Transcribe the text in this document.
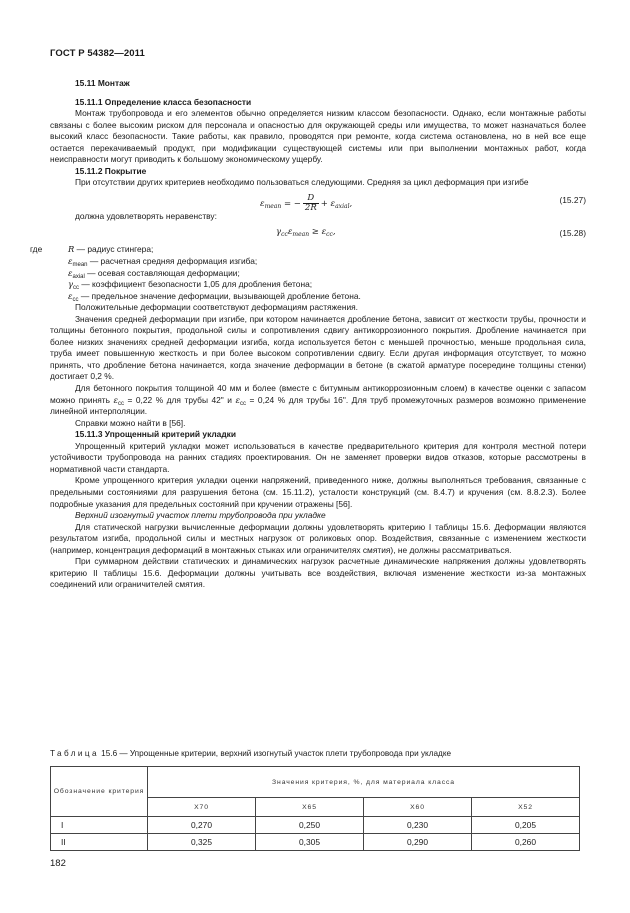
ГОСТ Р 54382—2011

15.11 Монтаж

15.11.1 Определение класса безопасности

Монтаж трубопровода и его элементов обычно определяется низким классом безопасности. Однако, если монтажные работы связаны с более высоким риском для персонала и опасностью для окружающей среды или имущества, то может назначаться более высокий класс безопасности. Такие работы, как правило, проводятся при ремонте, когда система остановлена, но в ней все еще остается перекачиваемый продукт, при модификации существующей системы или при выполнении монтажных работ, когда неисправности могут приводить к большому экономическому ущербу.

15.11.2 Покрытие

При отсутствии других критериев необходимо пользоваться следующими. Средняя за цикл деформация при изгибе

$\varepsilon_{mean}$ = − $\frac{D}{2R} + \varepsilon_{axial}$,	(15.27)

должна удовлетворять неравенству:

$\gamma_{cc}\varepsilon_{mean} \ge \varepsilon_{cc}$,	(15.28)
где	R — радиус стингера;

$\varepsilon_{mean}$ — расчетная средняя деформация изгиба;

$\varepsilon_{axial}$ — осевая составляющая деформации;

$\gamma_{cc}$ — коэффициент безопасности 1,05 для дробления бетона;

$\varepsilon_{cc}$ — предельное значение деформации, вызывающей дробление бетона.

Положительные деформации соответствуют деформациям растяжения.

Значения средней деформации при изгибе, при котором начинается дробление бетона, зависит от жесткости трубы, прочности и толщины бетонного покрытия, продольной силы и сопротивления сдвигу антикоррозионного покрытия. Дробление начинается при более низких значениях средней деформации изгиба, когда используется бетон с меньшей прочностью, меньше продольная сила, труба имеет повышенную жесткость и при более высоком сопротивлении сдвигу. Если другая информация отсутствует, то можно принять, что дробление бетона начинается, когда значение деформации в бетоне (в сжатой арматуре посередине толщины стенки) достигает 0,2 %.

Для бетонного покрытия толщиной 40 мм и более (вместе с битумным антикоррозионным слоем) в качестве оценки с запасом можно принять $\varepsilon_{cc} = 0,22$ % для трубы 42" и $\varepsilon_{cc} = 0,24$ % для трубы 16". Для труб промежуточных размеров возможно применение линейной интерполяции.

Справки можно найти в [56].

15.11.3 Упрощенный критерий укладки

Упрощенный критерий укладки может использоваться в качестве предварительного критерия для контроля местной потери устойчивости трубопровода на ранних стадиях проектирования. Он не заменяет проверки видов отказов, которые рассмотрены в нормативной части стандарта.

Кроме упрощенного критерия укладки оценки напряжений, приведенного ниже, должны выполняться требования, связанные с предельными состояниями для разрушения бетона (см. 15.11.2), усталости конструкций (см. 8.4.7) и кручения (см. 8.8.2.3). Более подробные указания для предельных состояний при кручении отражены [56].

Верхний изогнутый участок плети трубопровода при укладке

Для статической нагрузки вычисленные деформации должны удовлетворять критерию I таблицы 15.6. Деформации являются результатом изгиба, продольной силы и местных нагрузок от роликовых опор. Воздействия, связанные с изменением жесткости (например, концентрация деформаций в монтажных стыках или ограничителях смятия), не должны рассматриваться.

При суммарном действии статических и динамических нагрузок расчетные динамические напряжения должны удовлетворять критерию II таблицы 15.6. Деформации должны учитывать все воздействия, включая изменение жесткости из-за монтажных соединений или ограничителей смятия.

Таблица 15.6 — Упрощенные критерии, верхний изогнутый участок плети трубопровода при укладке
Обозначение критерия	Значения критерия, %, для материала класса			
	X70	X65	X60	X52
I	0,270	0,250	0,230	0,205
II	0,325	0,305	0,290	0,260
182
